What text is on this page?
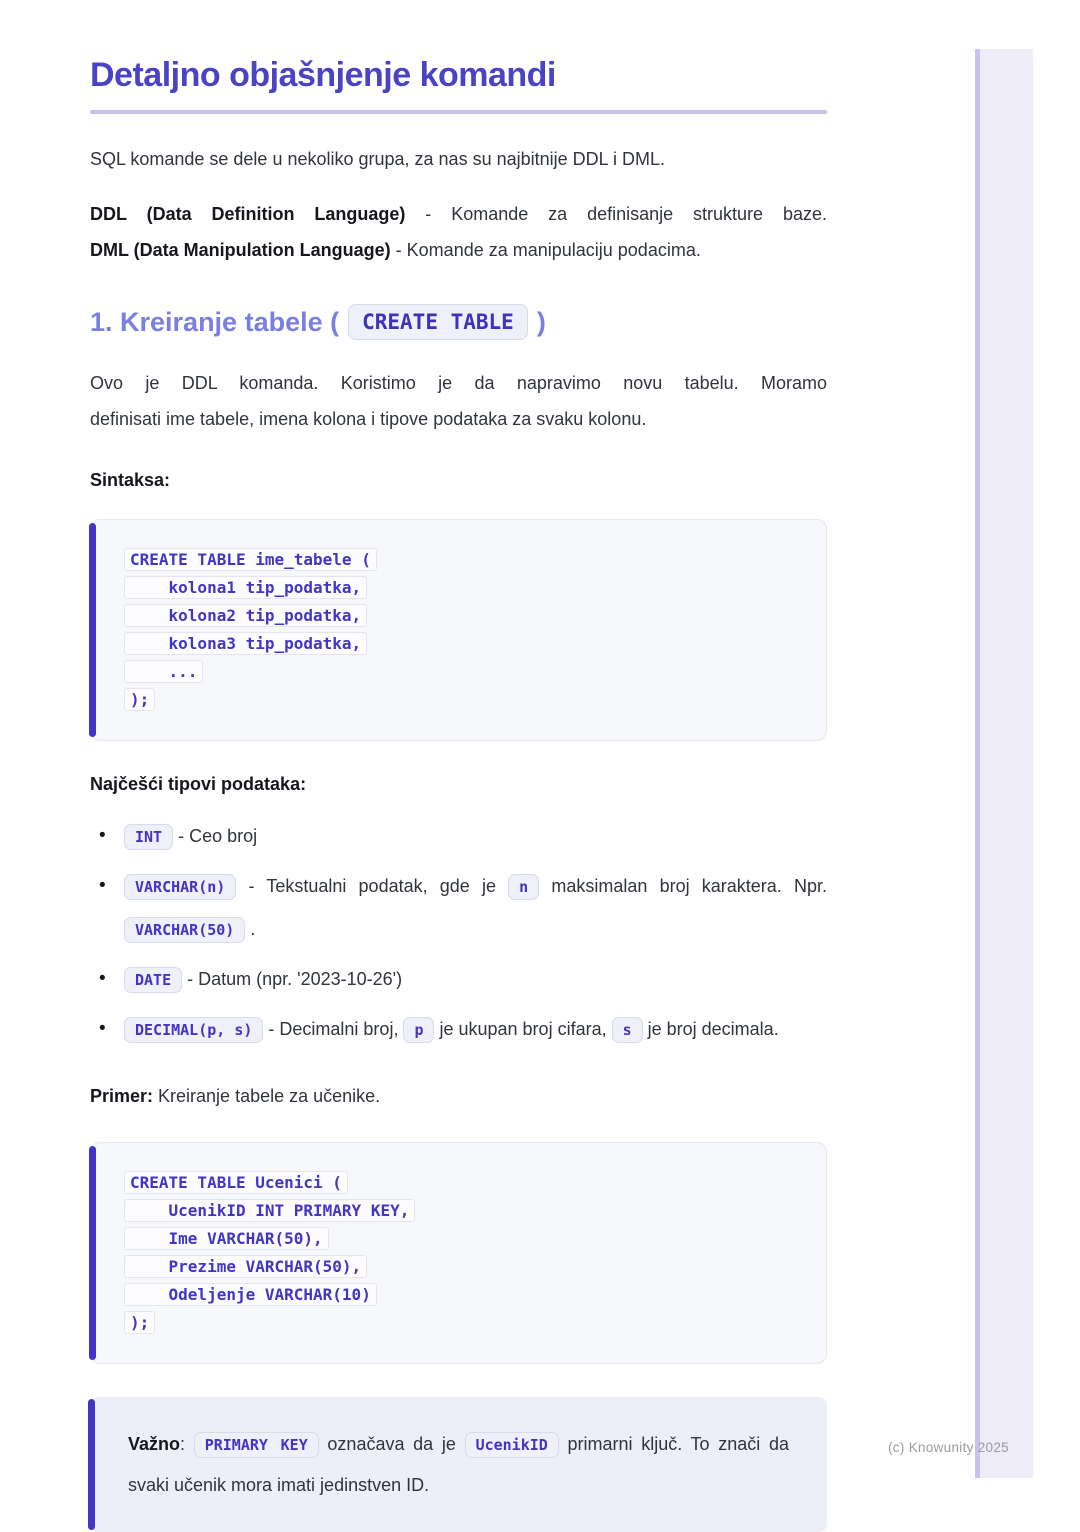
Detaljno objašnjenje komandi

SQL komande se dele u nekoliko grupa, za nas su najbitnije DDL i DML.

DDL (Data Definition Language) - Komande za definisanje strukture baze.
DML (Data Manipulation Language) - Komande za manipulaciju podacima.
1. Kreiranje tabele ( CREATE TABLE )
Ovo je DDL komanda. Koristimo je da napravimo novu tabelu. Moramo
definisati ime tabele, imena kolona i tipove podataka za svaku kolonu.
Sintaksa:
CREATE TABLE ime_tabele (
kolona1 tip_podatka,
kolona2 tip_podatka,
kolona3 tip_podatka,
...
);
Najčešći tipovi podataka:
• INT - Ceo broj
• VARCHAR(n) - Tekstualni podatak, gde je n maksimalan broj karaktera. Npr. VARCHAR(50) .
• DATE - Datum (npr. '2023-10-26')
• DECIMAL(p, s) - Decimalni broj, p je ukupan broj cifara, s je broj decimala.

Primer: Kreiranje tabele za učenike.

CREATE TABLE Ucenici (
UcenikID INT PRIMARY KEY,
Ime VARCHAR(50),
Prezime VARCHAR(50),
Odeljenje VARCHAR(10)
);
Važno: PRIMARY KEY označava da je UcenikID primarni ključ. To znači da svaki učenik mora imati jedinstven ID.
(c) Knowunity 2025
